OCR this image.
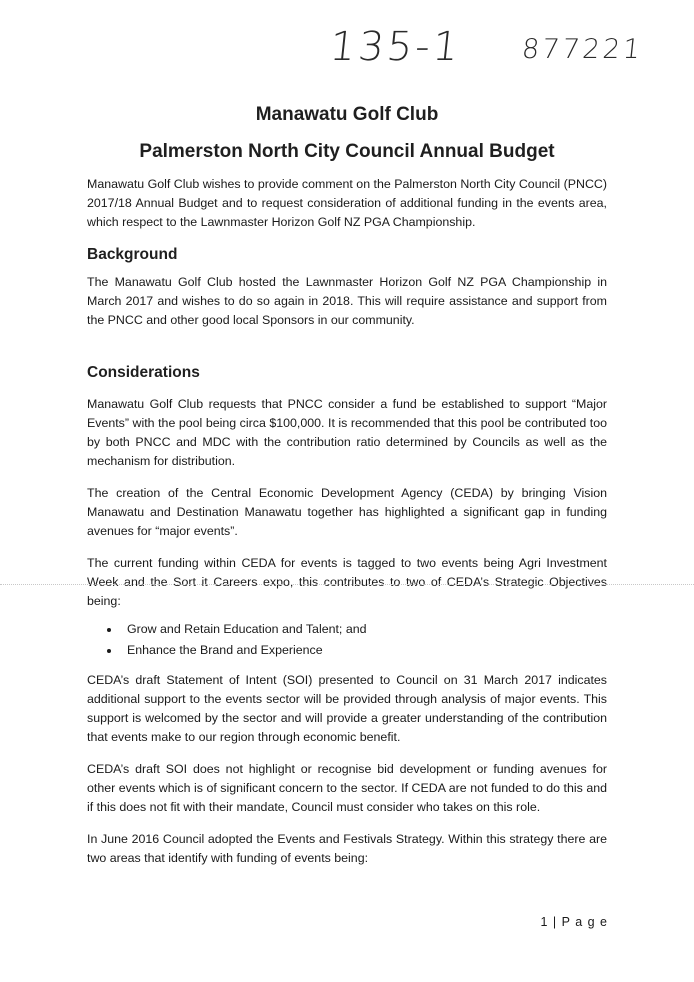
135-1 877221
Manawatu Golf Club
Palmerston North City Council Annual Budget

Manawatu Golf Club wishes to provide comment on the Palmerston North City Council (PNCC) 2017/18 Annual Budget and to request consideration of additional funding in the events area, which respect to the Lawnmaster Horizon Golf NZ PGA Championship.

Background

The Manawatu Golf Club hosted the Lawnmaster Horizon Golf NZ PGA Championship in March 2017 and wishes to do so again in 2018. This will require assistance and support from the PNCC and other good local Sponsors in our community.

Considerations

Manawatu Golf Club requests that PNCC consider a fund be established to support “Major Events” with the pool being circa $100,000. It is recommended that this pool be contributed too by both PNCC and MDC with the contribution ratio determined by Councils as well as the mechanism for distribution.

The creation of the Central Economic Development Agency (CEDA) by bringing Vision Manawatu and Destination Manawatu together has highlighted a significant gap in funding avenues for “major events”.

The current funding within CEDA for events is tagged to two events being Agri Investment Week and the Sort it Careers expo, this contributes to two of CEDA’s Strategic Objectives being:

• Grow and Retain Education and Talent; and
• Enhance the Brand and Experience

CEDA’s draft Statement of Intent (SOI) presented to Council on 31 March 2017 indicates additional support to the events sector will be provided through analysis of major events. This support is welcomed by the sector and will provide a greater understanding of the contribution that events make to our region through economic benefit.

CEDA’s draft SOI does not highlight or recognise bid development or funding avenues for other events which is of significant concern to the sector. If CEDA are not funded to do this and if this does not fit with their mandate, Council must consider who takes on this role.

In June 2016 Council adopted the Events and Festivals Strategy. Within this strategy there are two areas that identify with funding of events being:

1 | P a g e
